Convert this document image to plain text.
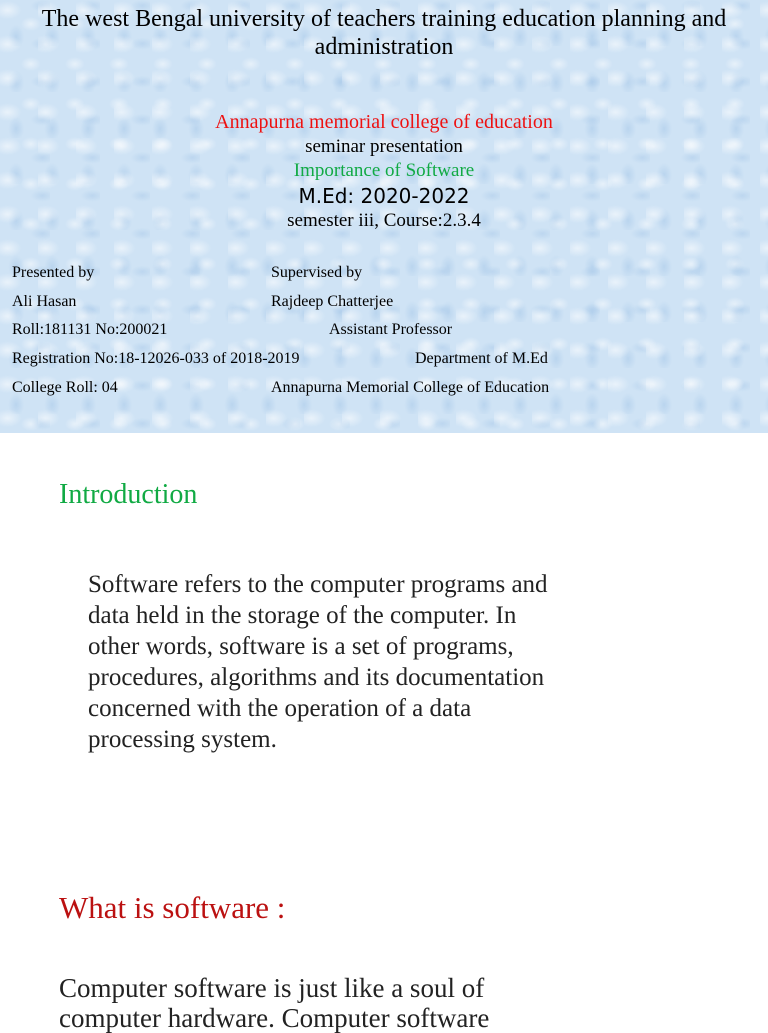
The west Bengal university of teachers training education planning and administration
Annapurna memorial college of education
seminar presentation
Importance of Software
M.Ed: 2020-2022
semester iii, Course:2.3.4
Presented by
Ali Hasan
Roll:181131 No:200021
Registration No:18-12026-033 of 2018-2019
College Roll: 04
Supervised by
Rajdeep Chatterjee
Assistant Professor
Department of M.Ed
Annapurna Memorial College of Education
Introduction
Software refers to the computer programs and data held in the storage of the computer. In other words, software is a set of programs, procedures, algorithms and its documentation concerned with the operation of a data processing system.
What is software :
Computer software is just like a soul of computer hardware. Computer software
